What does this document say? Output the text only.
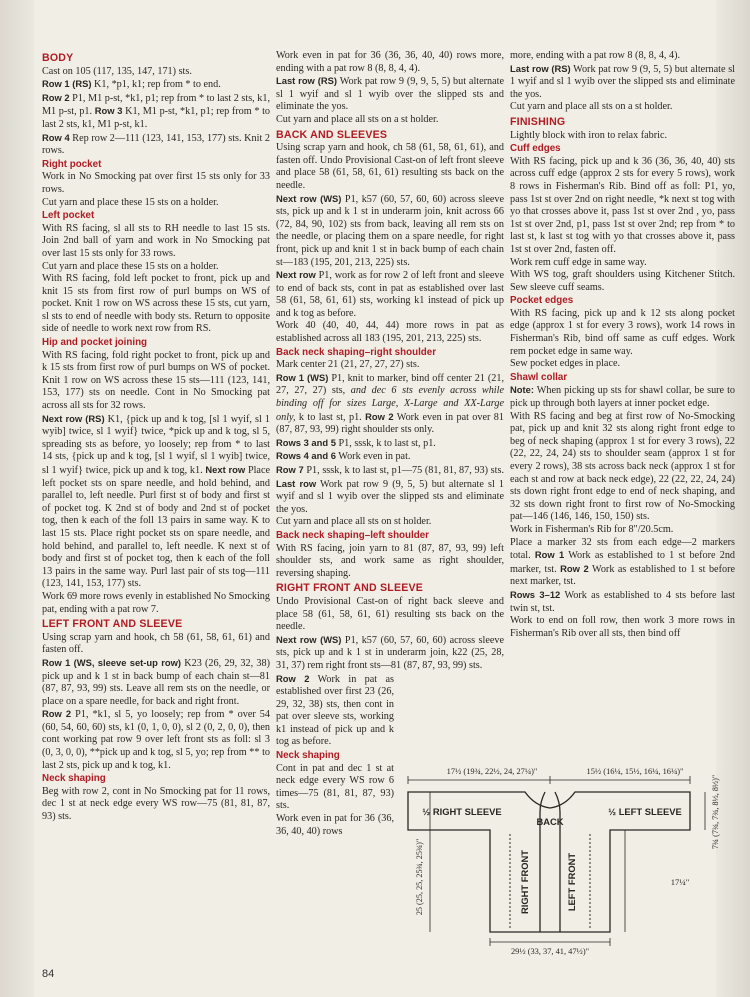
BODY

Cast on 105 (117, 135, 147, 171) sts.

Row 1 (RS) K1, *p1, k1; rep from * to end.

Row 2 P1, M1 p-st, *k1, p1; rep from * to last 2 sts, k1, M1 p-st, p1. Row 3 K1, M1 p-st, *k1, p1; rep from * to last 2 sts, k1, M1 p-st, k1.

Row 4 Rep row 2—111 (123, 141, 153, 177) sts. Knit 2 rows.

Right pocket

Work in No Smocking pat over first 15 sts only for 33 rows.

Cut yarn and place these 15 sts on a holder.

Left pocket

With RS facing, sl all sts to RH needle to last 15 sts. Join 2nd ball of yarn and work in No Smocking pat over last 15 sts only for 33 rows.

Cut yarn and place these 15 sts on a holder.

With RS facing, fold left pocket to front, pick up and knit 15 sts from first row of purl bumps on WS of pocket. Knit 1 row on WS across these 15 sts, cut yarn, sl sts to end of needle with body sts. Return to opposite side of needle to work next row from RS.

Hip and pocket joining

With RS facing, fold right pocket to front, pick up and k 15 sts from first row of purl bumps on WS of pocket. Knit 1 row on WS across these 15 sts—111 (123, 141, 153, 177) sts on needle. Cont in No Smocking pat across all sts for 32 rows.

Next row (RS) K1, {pick up and k tog, [sl 1 wyif, sl 1 wyib] twice, sl 1 wyif} twice, *pick up and k tog, sl 5, spreading sts as before, yo loosely; rep from * to last 14 sts, {pick up and k tog, [sl 1 wyif, sl 1 wyib] twice, sl 1 wyif} twice, pick up and k tog, k1. Next row Place left pocket sts on spare needle, and hold behind, and parallel to, left needle. Purl first st of body and first st of pocket tog. K 2nd st of body and 2nd st of pocket tog, then k each of the foll 13 pairs in same way. K to last 15 sts. Place right pocket sts on spare needle, and hold behind, and parallel to, left needle. K next st of body and first st of pocket tog, then k each of the foll 13 pairs in the same way. Purl last pair of sts tog—111 (123, 141, 153, 177) sts.

Work 69 more rows evenly in established No Smocking pat, ending with a pat row 7.

LEFT FRONT AND SLEEVE

Using scrap yarn and hook, ch 58 (61, 58, 61, 61) and fasten off.

Row 1 (WS, sleeve set-up row) K23 (26, 29, 32, 38) pick up and k 1 st in back bump of each chain st—81 (87, 87, 93, 99) sts. Leave all rem sts on the needle, or place on a spare needle, for back and right front.

Row 2 P1, *k1, sl 5, yo loosely; rep from * over 54 (60, 54, 60, 60) sts, k1 (0, 1, 0, 0), sl 2 (0, 2, 0, 0), then cont working pat row 9 over left front sts as foll: sl 3 (0, 3, 0, 0), **pick up and k tog, sl 5, yo; rep from ** to last 2 sts, pick up and k tog, k1.

Neck shaping

Beg with row 2, cont in No Smocking pat for 11 rows, dec 1 st at neck edge every WS row—75 (81, 81, 87, 93) sts.

Work even in pat for 36 (36, 36, 40, 40) rows more, ending with a pat row 8 (8, 8, 4, 4).

Last row (RS) Work pat row 9 (9, 9, 5, 5) but alternate sl 1 wyif and sl 1 wyib over the slipped sts and eliminate the yos.

Cut yarn and place all sts on a st holder.

BACK AND SLEEVES

Using scrap yarn and hook, ch 58 (61, 58, 61, 61), and fasten off. Undo Provisional Cast-on of left front sleeve and place 58 (61, 58, 61, 61) resulting sts back on the needle.

Next row (WS) P1, k57 (60, 57, 60, 60) across sleeve sts, pick up and k 1 st in underarm join, knit across 66 (72, 84, 90, 102) sts from back, leaving all rem sts on the needle, or placing them on a spare needle, for right front, pick up and knit 1 st in back bump of each chain st—183 (195, 201, 213, 225) sts.

Next row P1, work as for row 2 of left front and sleeve to end of back sts, cont in pat as established over last 58 (61, 58, 61, 61) sts, working k1 instead of pick up and k tog as before.

Work 40 (40, 40, 44, 44) more rows in pat as established across all 183 (195, 201, 213, 225) sts.

Back neck shaping–right shoulder

Mark center 21 (21, 27, 27, 27) sts.

Row 1 (WS) P1, knit to marker, bind off center 21 (21, 27, 27, 27) sts, and dec 6 sts evenly across while binding off for sizes Large, X-Large and XX-Large only, k to last st, p1. Row 2 Work even in pat over 81 (87, 87, 93, 99) right shoulder sts only.

Rows 3 and 5 P1, sssk, k to last st, p1.

Rows 4 and 6 Work even in pat.

Row 7 P1, sssk, k to last st, p1—75 (81, 81, 87, 93) sts. Last row Work pat row 9 (9, 5, 5) but alternate sl 1 wyif and sl 1 wyib over the slipped sts and eliminate the yos.

Cut yarn and place all sts on st holder.

Back neck shaping–left shoulder

With RS facing, join yarn to 81 (87, 87, 93, 99) left shoulder sts, and work same as right shoulder, reversing shaping.

RIGHT FRONT AND SLEEVE

Undo Provisional Cast-on of right back sleeve and place 58 (61, 58, 61, 61) resulting sts back on the needle.

Next row (WS) P1, k57 (60, 57, 60, 60) across sleeve sts, pick up and k 1 st in underarm join, k22 (25, 28, 31, 37) rem right front sts—81 (87, 87, 93, 99) sts.

Row 2 Work in pat as established over first 23 (26, 29, 32, 38) sts, then cont in pat over sleeve sts, working k1 instead of pick up and k tog as before.

Neck shaping

Cont in pat and dec 1 st at neck edge every WS row 6 times—75 (81, 81, 87, 93) sts.

Work even in pat for 36 (36, 36, 40, 40) rows

more, ending with a pat row 8 (8, 8, 4, 4).

Last row (RS) Work pat row 9 (9, 5, 5) but alternate sl 1 wyif and sl 1 wyib over the slipped sts and eliminate the yos.

Cut yarn and place all sts on a st holder.

FINISHING

Lightly block with iron to relax fabric.

Cuff edges

With RS facing, pick up and k 36 (36, 36, 40, 40) sts across cuff edge (approx 2 sts for every 5 rows), work 8 rows in Fisherman's Rib. Bind off as foll: P1, yo, pass 1st st over 2nd on right needle, *k next st tog with yo that crosses above it, pass 1st st over 2nd , yo, pass 1st st over 2nd, p1, pass 1st st over 2nd; rep from * to last st, k last st tog with yo that crosses above it, pass 1st st over 2nd, fasten off.

Work rem cuff edge in same way.

With WS tog, graft shoulders using Kitchener Stitch. Sew sleeve cuff seams.

Pocket edges

With RS facing, pick up and k 12 sts along pocket edge (approx 1 st for every 3 rows), work 14 rows in Fisherman's Rib, bind off same as cuff edges. Work rem pocket edge in same way.

Sew pocket edges in place.

Shawl collar

Note: When picking up sts for shawl collar, be sure to pick up through both layers at inner pocket edge.

With RS facing and beg at first row of No-Smocking pat, pick up and knit 32 sts along right front edge to beg of neck shaping (approx 1 st for every 3 rows), 22 (22, 22, 24, 24) sts to shoulder seam (approx 1 st for every 2 rows), 38 sts across back neck (approx 1 st for each st and row at back neck edge), 22 (22, 22, 24, 24) sts down right front edge to end of neck shaping, and 32 sts down right front to first row of No-Smocking pat—146 (146, 146, 150, 150) sts.

Work in Fisherman's Rib for 8"/20.5cm.

Place a marker 32 sts from each edge—2 markers total. Row 1 Work as established to 1 st before 2nd marker, tst. Row 2 Work as established to 1 st before next marker, tst.

Rows 3–12 Work as established to 4 sts before last twin st, tst.

Work to end on foll row, then work 3 more rows in Fisherman's Rib over all sts, then bind off

17½ (19¾, 22½, 24, 27¼)"	15½ (16¼, 15½, 16¼, 16¼)"
½ RIGHT SLEEVE	½ LEFT SLEEVE
BACK
RIGHT FRONT	LEFT FRONT
25 (25, 25, 25¾, 25¾)"
7¾ (7¾, 7¾, 8½, 8½)"
17¼"
29½ (33, 37, 41, 47½)"
84
